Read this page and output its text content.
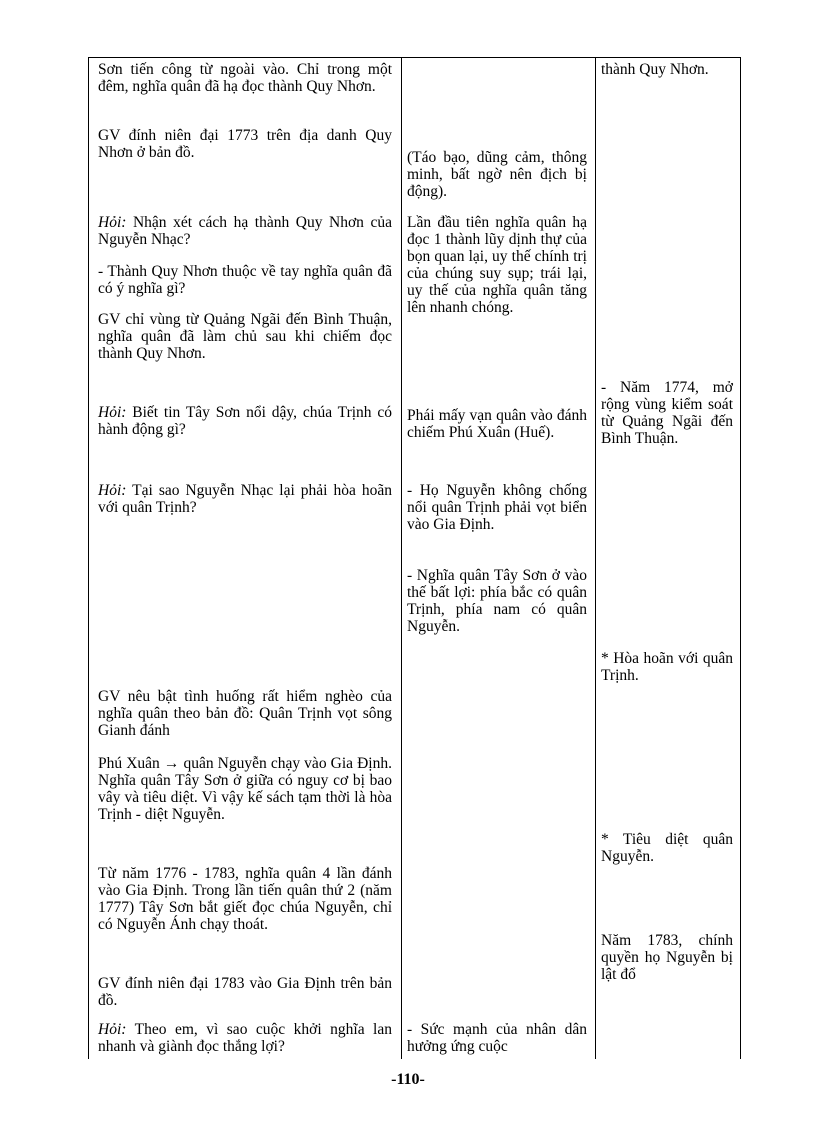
Sơn tiến công từ ngoài vào. Chỉ trong một đêm, nghĩa quân đã hạ đọc thành Quy Nhơn.

GV đính niên đại 1773 trên địa danh Quy Nhơn ở bản đồ.

Hỏi: Nhận xét cách hạ thành Quy Nhơn của Nguyễn Nhạc?

- Thành Quy Nhơn thuộc về tay nghĩa quân đã có ý nghĩa gì?

GV chỉ vùng từ Quảng Ngãi đến Bình Thuận, nghĩa quân đã làm chủ sau khi chiếm đọc thành Quy Nhơn.

Hỏi: Biết tin Tây Sơn nổi dậy, chúa Trịnh có hành động gì?

Hỏi: Tại sao Nguyễn Nhạc lại phải hòa hoãn với quân Trịnh?

GV nêu bật tình huống rất hiểm nghèo của nghĩa quân theo bản đồ: Quân Trịnh vọt sông Gianh đánh

Phú Xuân → quân Nguyễn chạy vào Gia Định. Nghĩa quân Tây Sơn ở giữa có nguy cơ bị bao vây và tiêu diệt. Vì vậy kế sách tạm thời là hòa Trịnh - diệt Nguyễn.

Từ năm 1776 - 1783, nghĩa quân 4 lần đánh vào Gia Định. Trong lần tiến quân thứ 2 (năm 1777) Tây Sơn bắt giết đọc chúa Nguyễn, chỉ có Nguyễn Ánh chạy thoát.

GV đính niên đại 1783 vào Gia Định trên bản đồ.

Hỏi: Theo em, vì sao cuộc khởi nghĩa lan nhanh và giành đọc thắng lợi?

(Táo bạo, dũng cảm, thông minh, bất ngờ nên địch bị động).

Lần đầu tiên nghĩa quân hạ đọc 1 thành lũy dịnh thự của bọn quan lại, uy thế chính trị của chúng suy sụp; trái lại, uy thế của nghĩa quân tăng lên nhanh chóng.

Phái mấy vạn quân vào đánh chiếm Phú Xuân (Huế).

- Họ Nguyễn không chống nổi quân Trịnh phải vọt biển vào Gia Định.

- Nghĩa quân Tây Sơn ở vào thế bất lợi: phía bắc có quân Trịnh, phía nam có quân Nguyễn.

- Sức mạnh của nhân dân hưởng ứng cuộc

thành Quy Nhơn.

- Năm 1774, mở rộng vùng kiểm soát từ Quảng Ngãi đến Bình Thuận.

* Hòa hoãn với quân Trịnh.

* Tiêu diệt quân Nguyễn.

Năm 1783, chính quyền họ Nguyễn bị lật đổ

-110-
